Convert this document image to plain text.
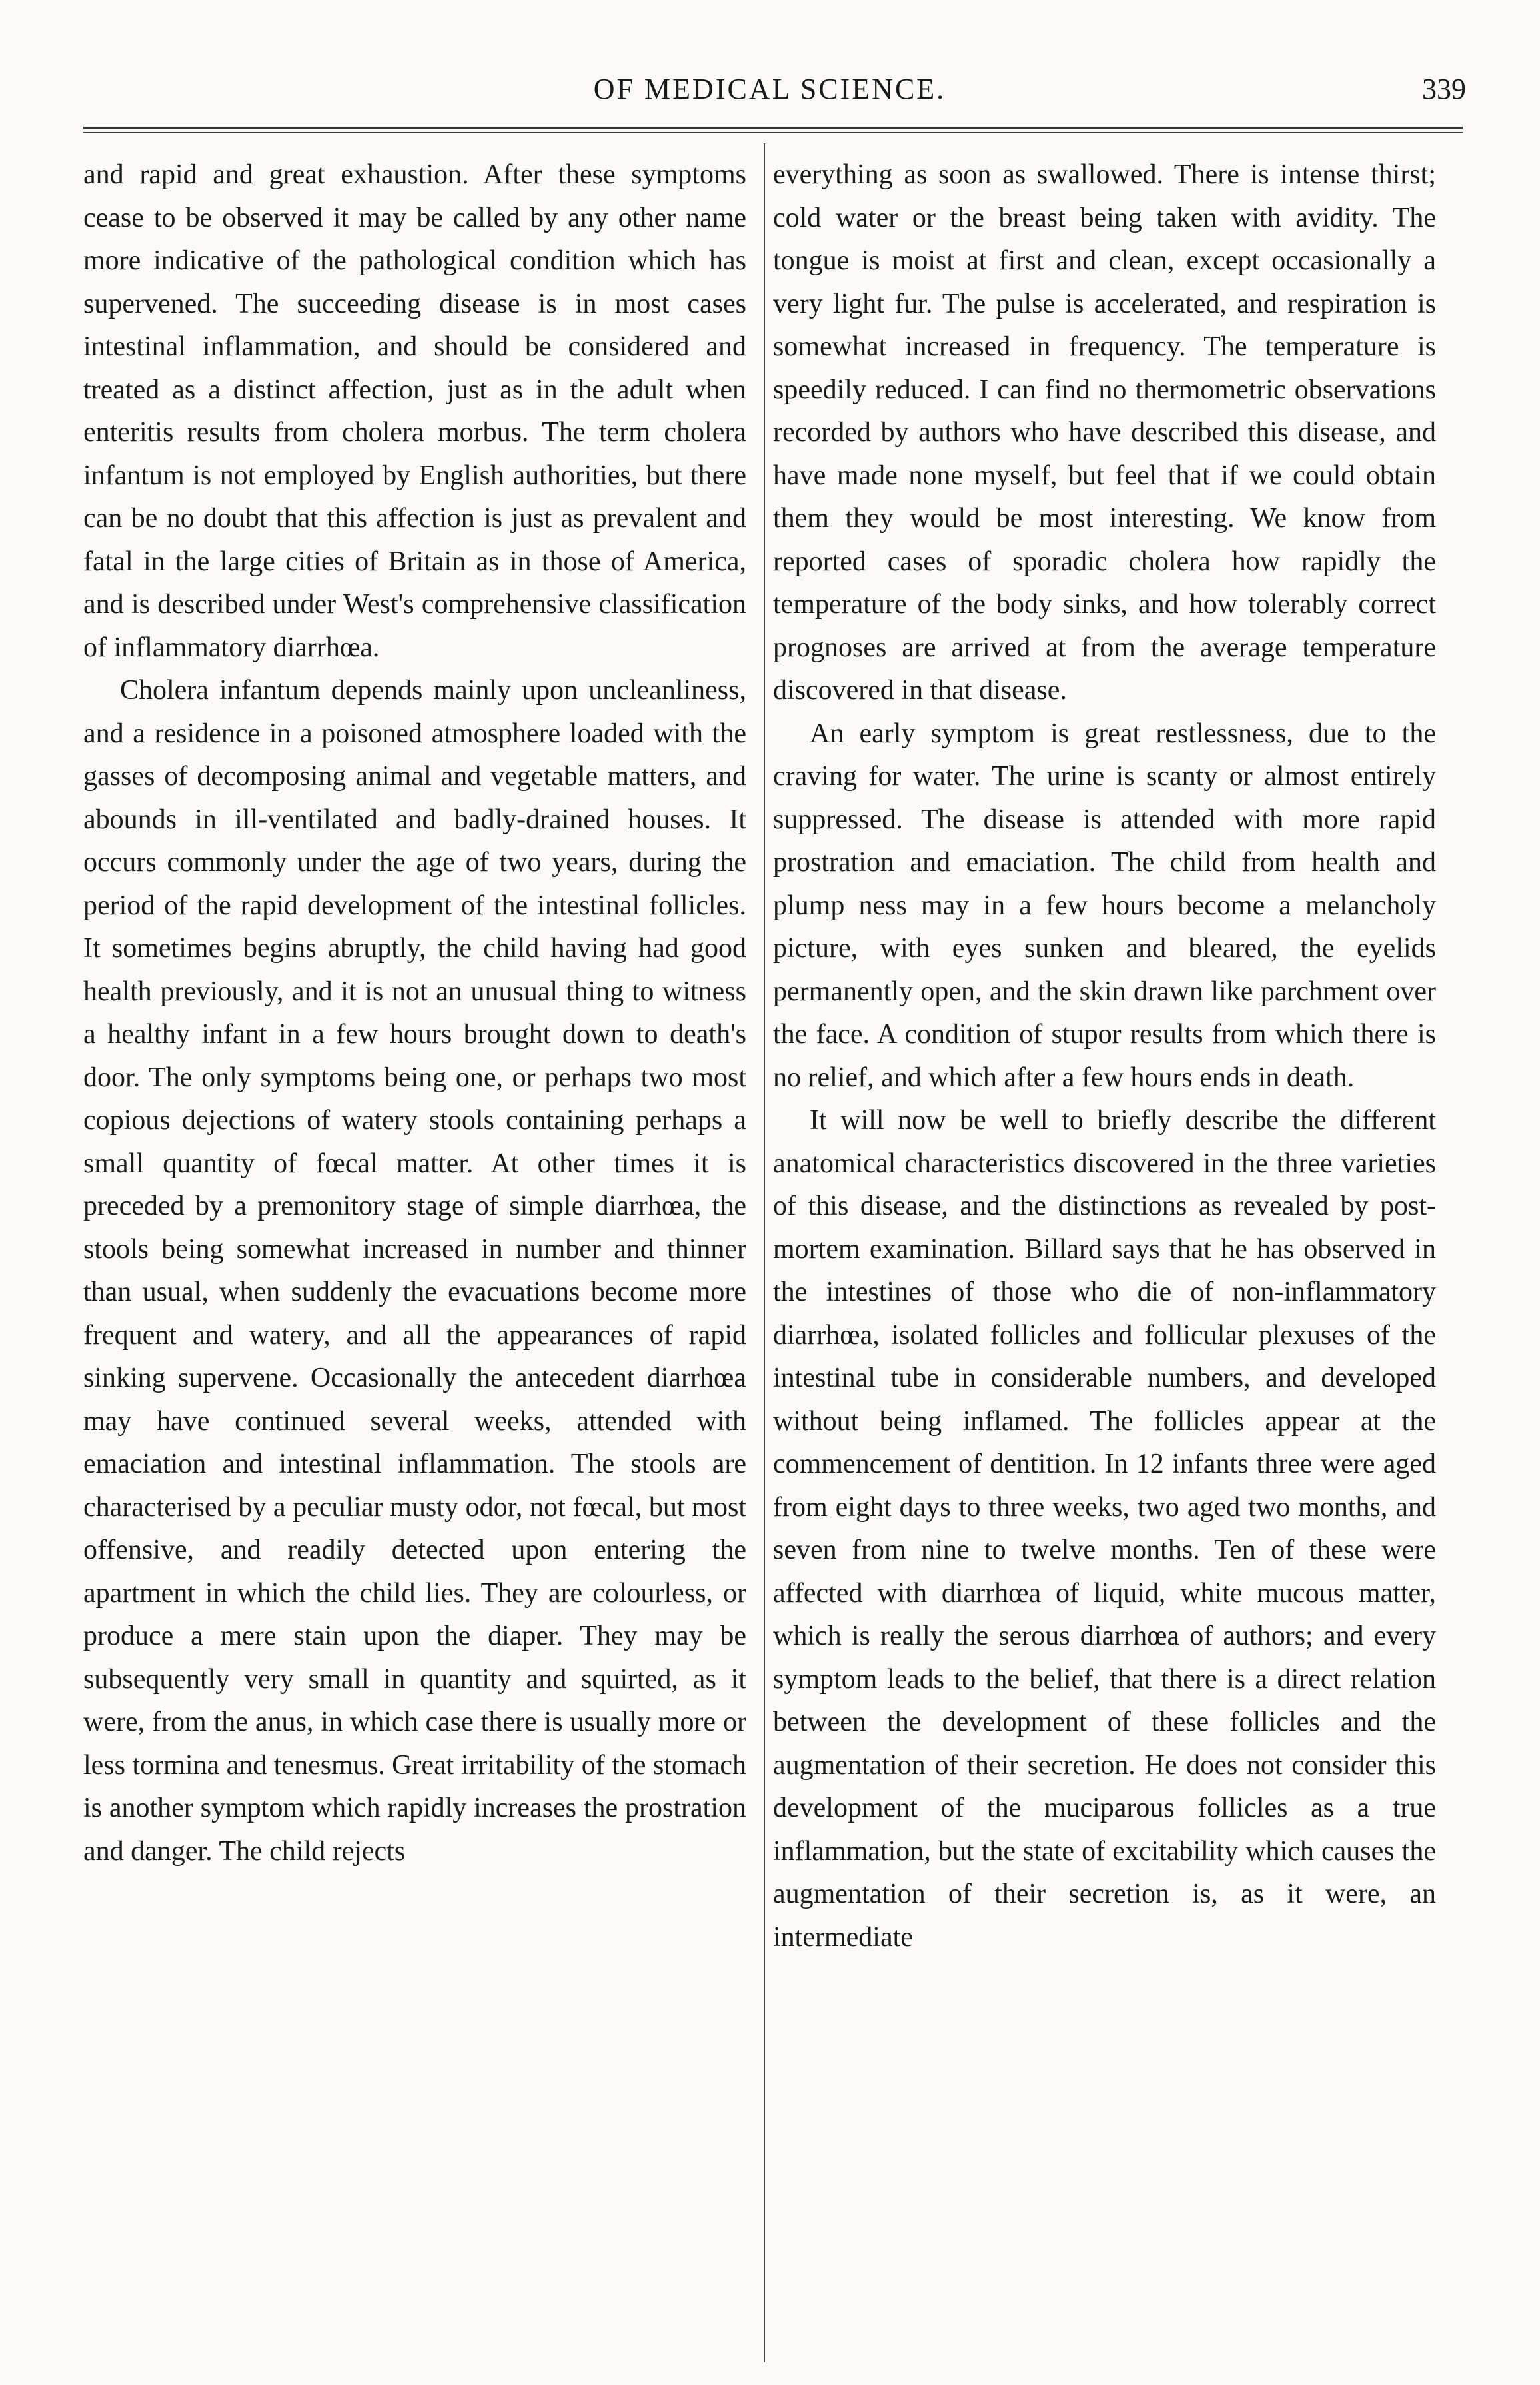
OF MEDICAL SCIENCE.	339

and rapid and great exhaustion. After these symptoms cease to be observed it may be called by any other name more indicative of the pathological condition which has supervened. The succeeding disease is in most cases intestinal inflammation, and should be considered and treated as a distinct affection, just as in the adult when enteritis results from cholera morbus. The term cholera infantum is not employed by English authorities, but there can be no doubt that this affection is just as prevalent and fatal in the large cities of Britain as in those of America, and is described under West's comprehensive classification of inflammatory diarrhœa.

Cholera infantum depends mainly upon uncleanliness, and a residence in a poisoned atmosphere loaded with the gasses of decomposing animal and vegetable matters, and abounds in ill-ventilated and badly-drained houses. It occurs commonly under the age of two years, during the period of the rapid development of the intestinal follicles. It sometimes begins abruptly, the child having had good health previously, and it is not an unusual thing to witness a healthy infant in a few hours brought down to death's door. The only symptoms being one, or perhaps two most copious dejections of watery stools containing perhaps a small quantity of fœcal matter. At other times it is preceded by a premonitory stage of simple diarrhœa, the stools being somewhat increased in number and thinner than usual, when suddenly the evacuations become more frequent and watery, and all the appearances of rapid sinking supervene. Occasionally the antecedent diarrhœa may have continued several weeks, attended with emaciation and intestinal inflammation. The stools are characterised by a peculiar musty odor, not fœcal, but most offensive, and readily detected upon entering the apartment in which the child lies. They are colourless, or produce a mere stain upon the diaper. They may be subsequently very small in quantity and squirted, as it were, from the anus, in which case there is usually more or less tormina and tenesmus. Great irritability of the stomach is another symptom which rapidly increases the prostration and danger. The child rejects

everything as soon as swallowed. There is intense thirst; cold water or the breast being taken with avidity. The tongue is moist at first and clean, except occasionally a very light fur. The pulse is accelerated, and respiration is somewhat increased in frequency. The temperature is speedily reduced. I can find no thermometric observations recorded by authors who have described this disease, and have made none myself, but feel that if we could obtain them they would be most interesting. We know from reported cases of sporadic cholera how rapidly the temperature of the body sinks, and how tolerably correct prognoses are arrived at from the average temperature discovered in that disease.

An early symptom is great restlessness, due to the craving for water. The urine is scanty or almost entirely suppressed. The disease is attended with more rapid prostration and emaciation. The child from health and plump ness may in a few hours become a melancholy picture, with eyes sunken and bleared, the eyelids permanently open, and the skin drawn like parchment over the face. A condition of stupor results from which there is no relief, and which after a few hours ends in death.

It will now be well to briefly describe the different anatomical characteristics discovered in the three varieties of this disease, and the distinctions as revealed by post-mortem examination. Billard says that he has observed in the intestines of those who die of non-inflammatory diarrhœa, isolated follicles and follicular plexuses of the intestinal tube in considerable numbers, and developed without being inflamed. The follicles appear at the commencement of dentition. In 12 infants three were aged from eight days to three weeks, two aged two months, and seven from nine to twelve months. Ten of these were affected with diarrhœa of liquid, white mucous matter, which is really the serous diarrhœa of authors; and every symptom leads to the belief, that there is a direct relation between the development of these follicles and the augmentation of their secretion. He does not consider this development of the muciparous follicles as a true inflammation, but the state of excitability which causes the augmentation of their secretion is, as it were, an intermediate
